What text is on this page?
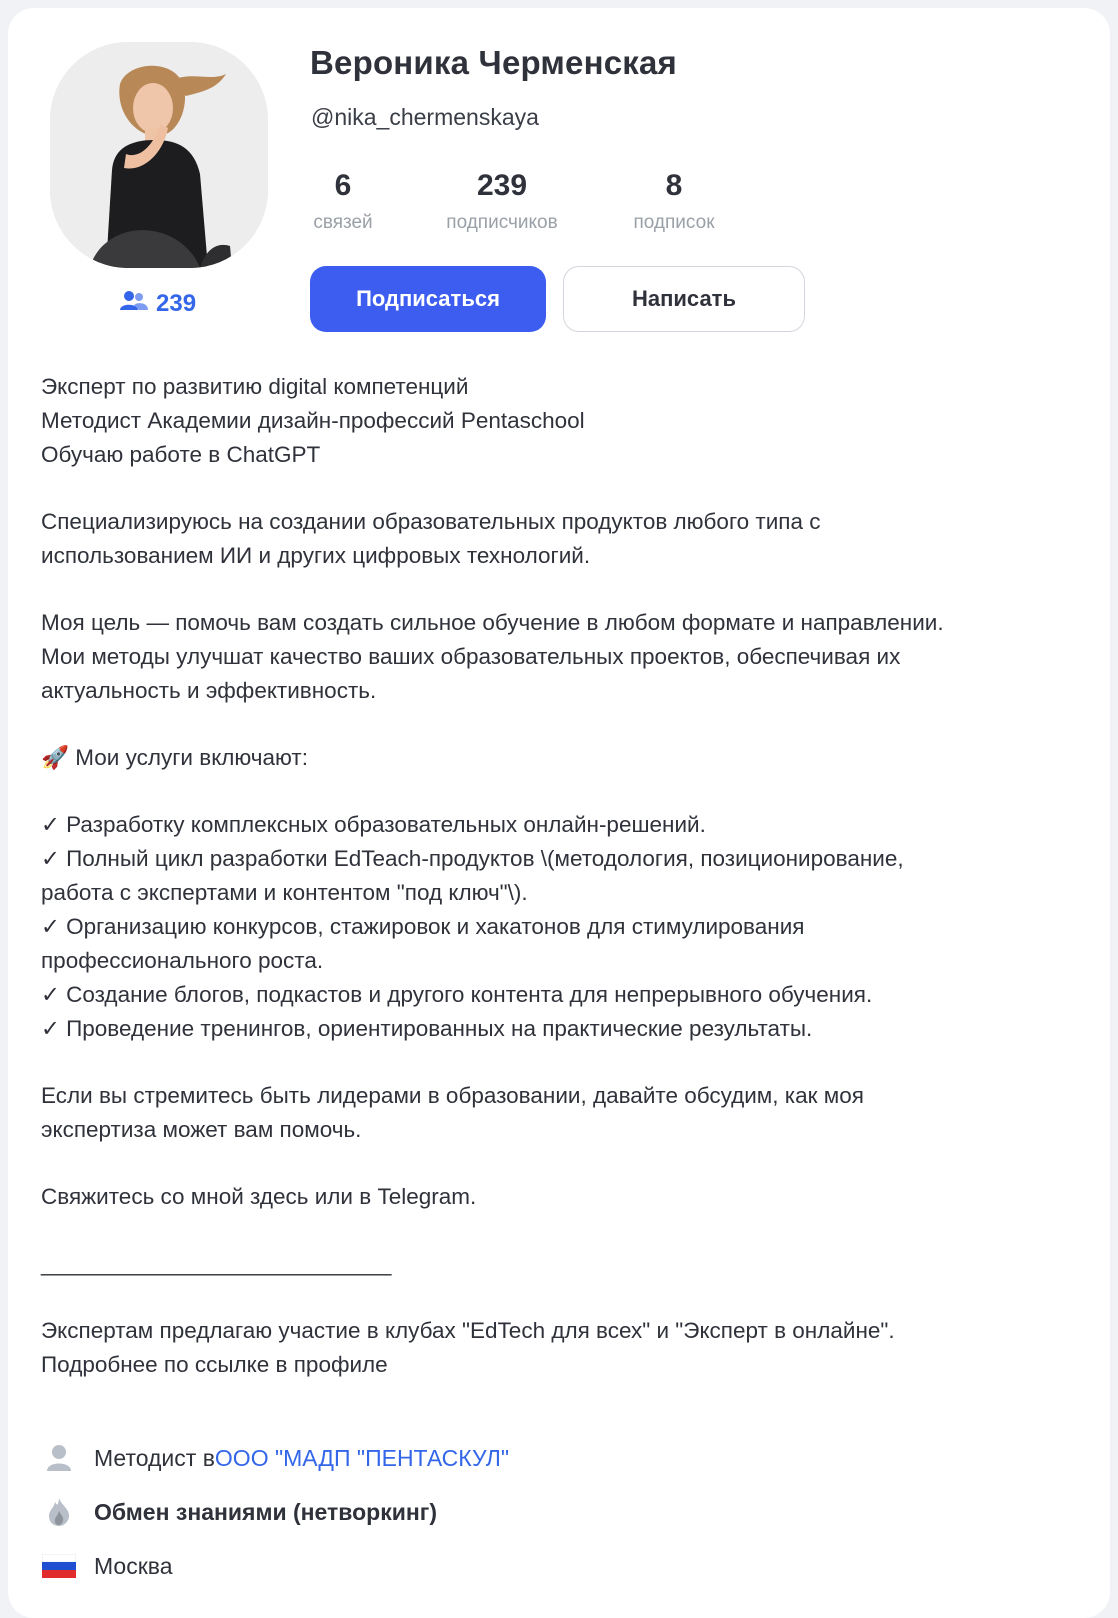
239
Вероника Черменская
@nika_chermenskaya
6
связей
239
подписчиков
8
подписок
Подписаться	Написать

Эксперт по развитию digital компетенций

Методист Академии дизайн-профессий Pentaschool

Обучаю работе в ChatGPT

Специализируюсь на создании образовательных продуктов любого типа с

использованием ИИ и других цифровых технологий.

Моя цель — помочь вам создать сильное обучение в любом формате и направлении.

Мои методы улучшат качество ваших образовательных проектов, обеспечивая их

актуальность и эффективность.

🚀 Мои услуги включают:

✓ Разработку комплексных образовательных онлайн-решений.

✓ Полный цикл разработки EdTeach-продуктов \(методология, позиционирование,

работа с экспертами и контентом "под ключ"\).

✓ Организацию конкурсов, стажировок и хакатонов для стимулирования

профессионального роста.

✓ Создание блогов, подкастов и другого контента для непрерывного обучения.

✓ Проведение тренингов, ориентированных на практические результаты.

Если вы стремитесь быть лидерами в образовании, давайте обсудим, как моя

экспертиза может вам помочь.

Свяжитесь со мной здесь или в Telegram.

____________________________

Экспертам предлагаю участие в клубах "EdTech для всех" и "Эксперт в онлайне".

Подробнее по ссылке в профиле

Методист в ООО "МАДП "ПЕНТАСКУЛ"
Обмен знаниями (нетворкинг)
Москва
